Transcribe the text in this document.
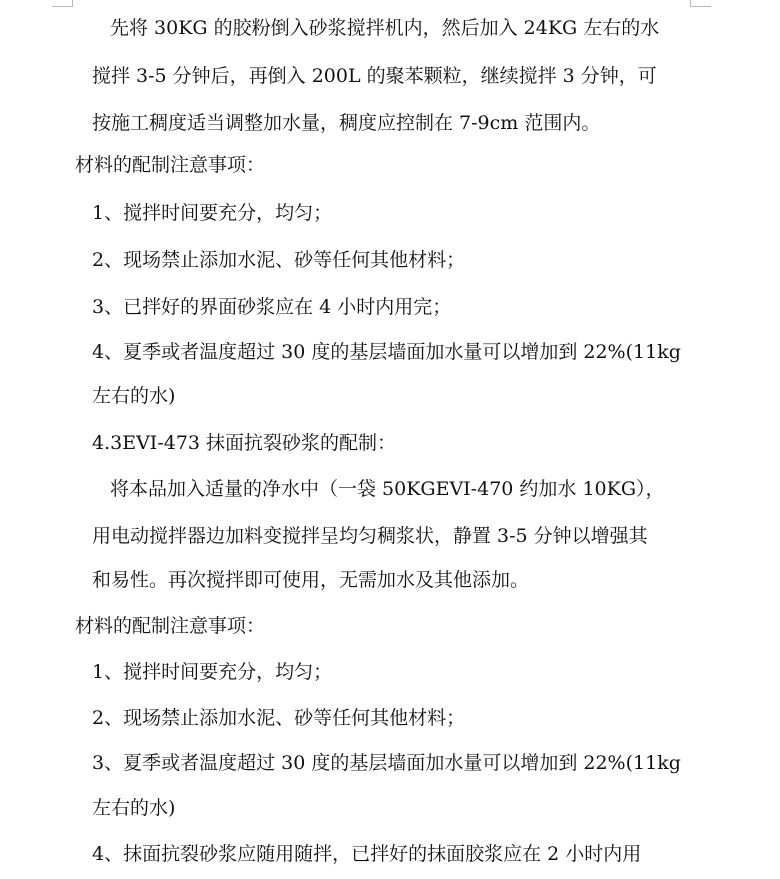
先将 30KG 的胶粉倒入砂浆搅拌机内，然后加入 24KG 左右的水
搅拌 3-5 分钟后，再倒入 200L 的聚苯颗粒，继续搅拌 3 分钟，可
按施工稠度适当调整加水量，稠度应控制在 7-9cm 范围内。
材料的配制注意事项：
1、搅拌时间要充分，均匀；
2、现场禁止添加水泥、砂等任何其他材料；
3、已拌好的界面砂浆应在 4 小时内用完；
4、夏季或者温度超过 30 度的基层墙面加水量可以增加到 22%(11kg
左右的水)
4.3EVI-473 抹面抗裂砂浆的配制：
将本品加入适量的净水中（一袋 50KGEVI-470 约加水 10KG），
用电动搅拌器边加料变搅拌呈均匀稠浆状，静置 3-5 分钟以增强其
和易性。再次搅拌即可使用，无需加水及其他添加。
材料的配制注意事项：
1、搅拌时间要充分，均匀；
2、现场禁止添加水泥、砂等任何其他材料；
3、夏季或者温度超过 30 度的基层墙面加水量可以增加到 22%(11kg
左右的水)
4、抹面抗裂砂浆应随用随拌，已拌好的抹面胶浆应在 2 小时内用
